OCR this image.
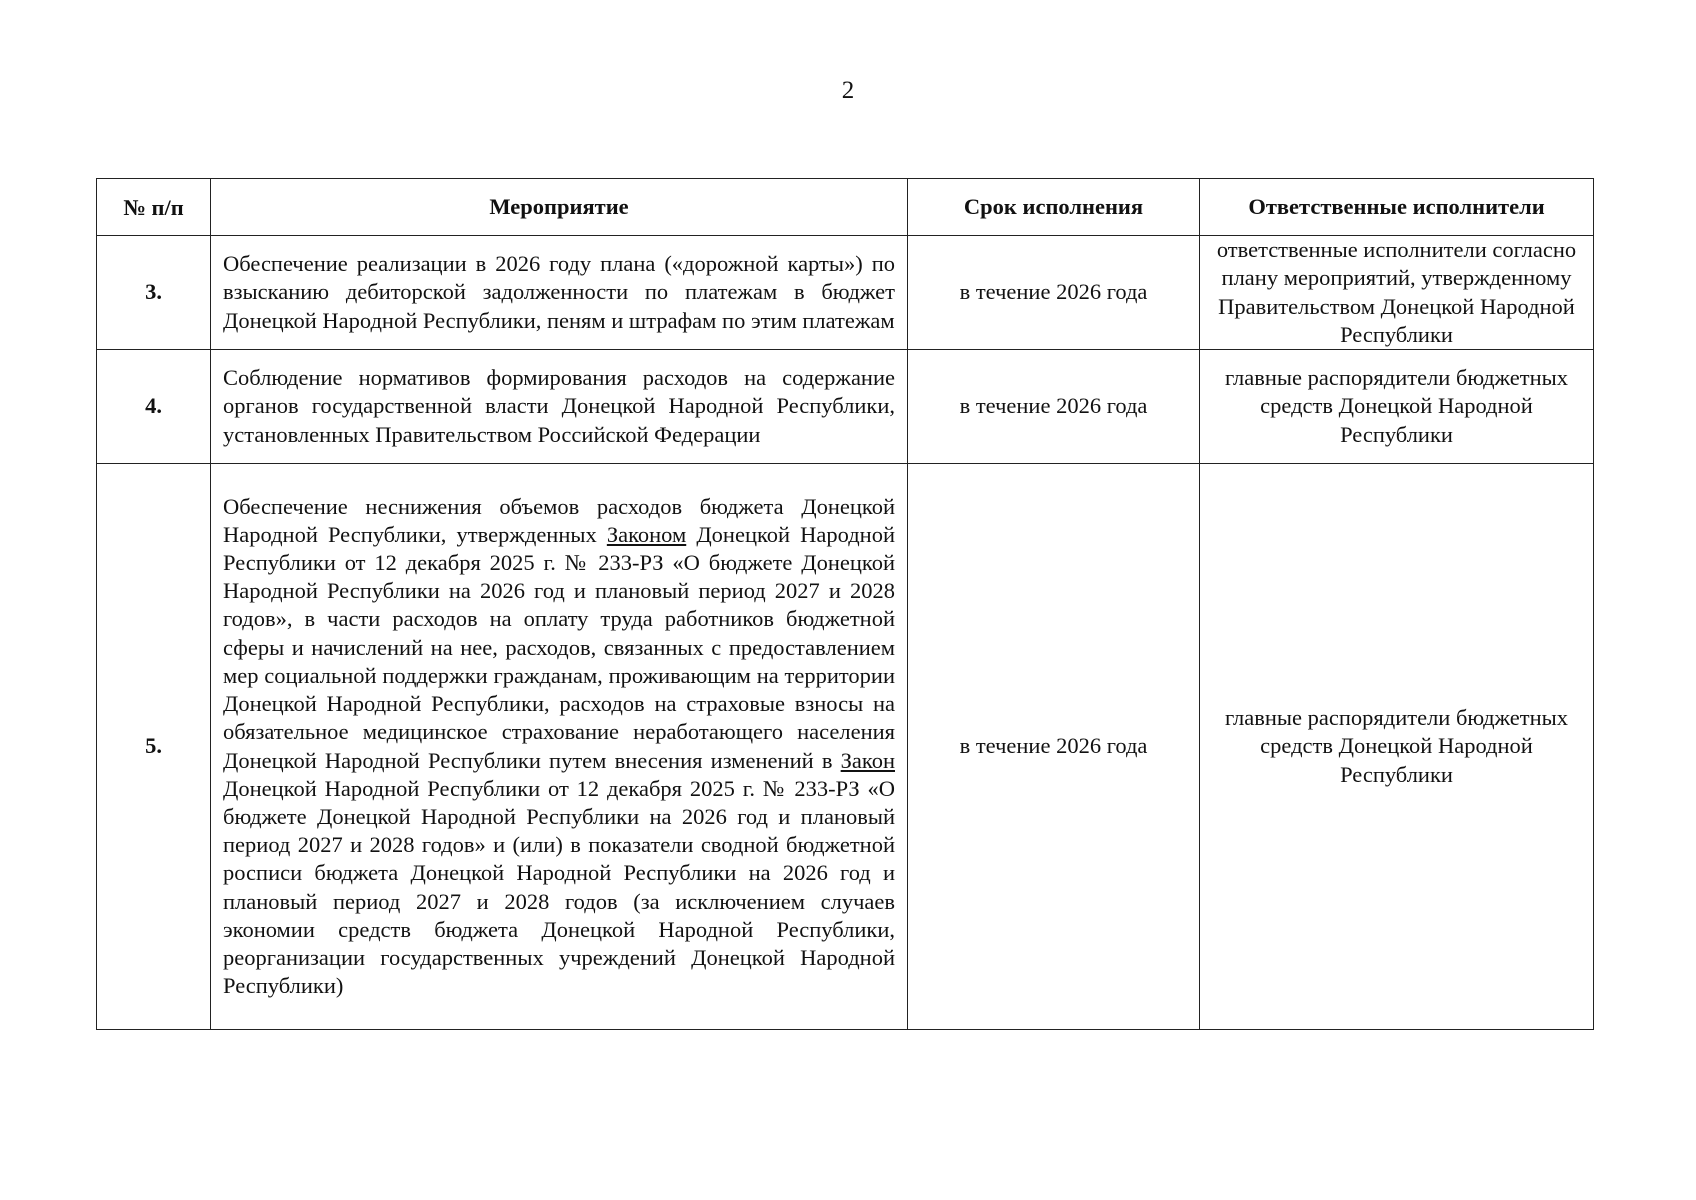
2
№ п/п	Мероприятие	Срок исполнения	Ответственные исполнители
3.	Обеспечение реализации в 2026 году плана («дорожной карты») по взысканию дебиторской задолженности по платежам в бюджет Донецкой Народной Республики, пеням и штрафам по этим платежам	в течение 2026 года	ответственные исполнители согласно плану мероприятий, утвержденному Правительством Донецкой Народной Республики
4.	Соблюдение нормативов формирования расходов на содержание органов государственной власти Донецкой Народной Республики, установленных Правительством Российской Федерации	в течение 2026 года	главные распорядители бюджетных средств Донецкой Народной Республики
5.	Обеспечение неснижения объемов расходов бюджета Донецкой Народной Республики, утвержденных Законом Донецкой Народной Республики от 12 декабря 2025 г. № 233-РЗ «О бюджете Донецкой Народной Республики на 2026 год и плановый период 2027 и 2028 годов», в части расходов на оплату труда работников бюджетной сферы и начислений на нее, расходов, связанных с предоставлением мер социальной поддержки гражданам, проживающим на территории Донецкой Народной Республики, расходов на страховые взносы на обязательное медицинское страхование неработающего населения Донецкой Народной Республики путем внесения изменений в Закон Донецкой Народной Республики от 12 декабря 2025 г. № 233-РЗ «О бюджете Донецкой Народной Республики на 2026 год и плановый период 2027 и 2028 годов» и (или) в показатели сводной бюджетной росписи бюджета Донецкой Народной Республики на 2026 год и плановый период 2027 и 2028 годов (за исключением случаев экономии средств бюджета Донецкой Народной Республики, реорганизации государственных учреждений Донецкой Народной Республики)	в течение 2026 года	главные распорядители бюджетных средств Донецкой Народной Республики
